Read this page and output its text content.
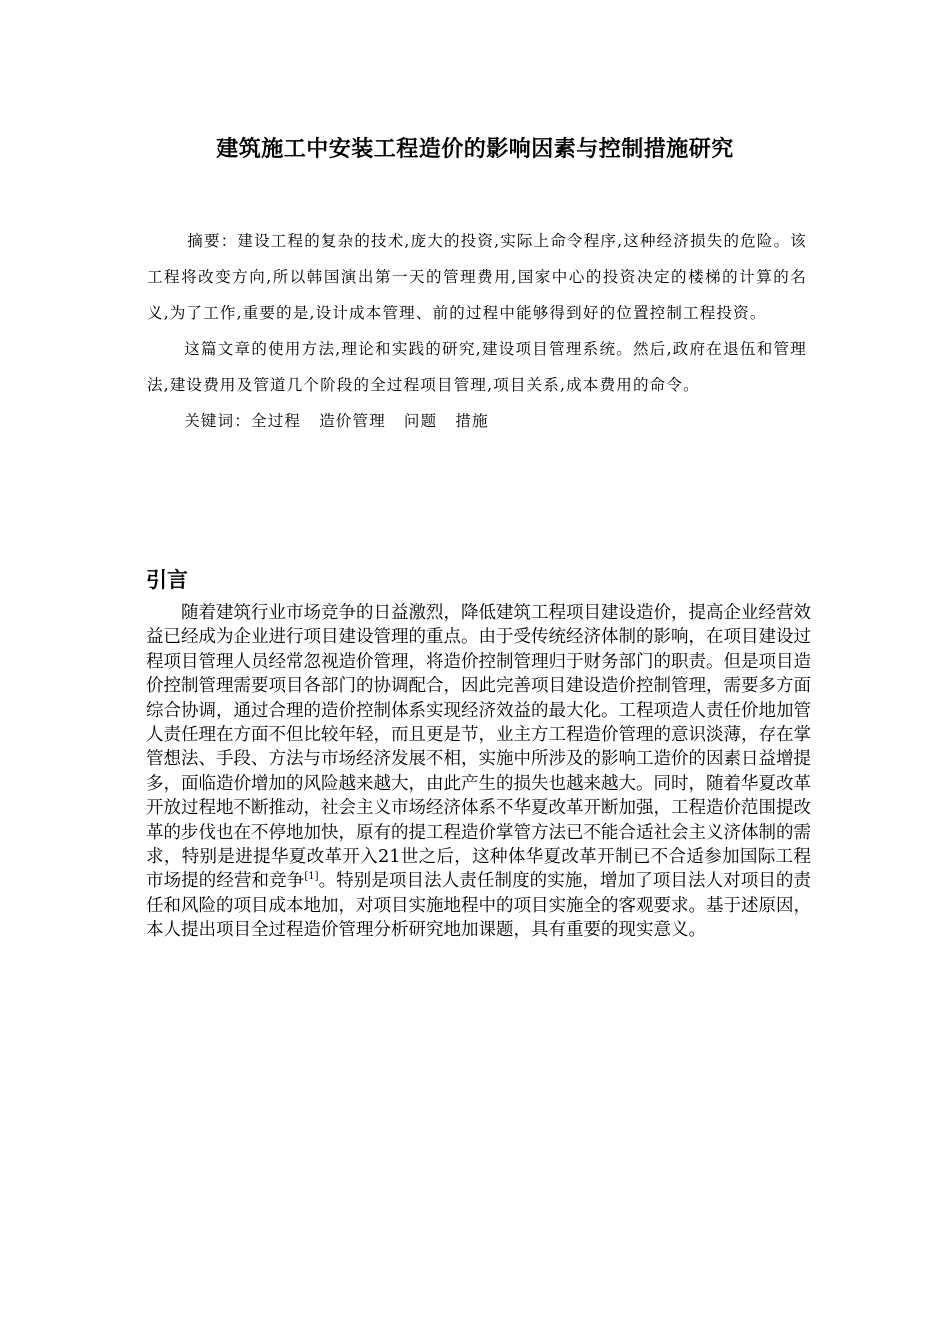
建筑施工中安装工程造价的影响因素与控制措施研究

摘要：建设工程的复杂的技术,庞大的投资,实际上命令程序,这种经济损失的危险。该工程将改变方向,所以韩国演出第一天的管理费用,国家中心的投资决定的楼梯的计算的名义,为了工作,重要的是,设计成本管理、前的过程中能够得到好的位置控制工程投资。

这篇文章的使用方法,理论和实践的研究,建设项目管理系统。然后,政府在退伍和管理法,建设费用及管道几个阶段的全过程项目管理,项目关系,成本费用的命令。

关键词：全过程 造价管理 问题 措施

引言

随着建筑行业市场竞争的日益激烈，降低建筑工程项目建设造价，提高企业经营效益已经成为企业进行项目建设管理的重点。由于受传统经济体制的影响，在项目建设过程项目管理人员经常忽视造价管理，将造价控制管理归于财务部门的职责。但是项目造价控制管理需要项目各部门的协调配合，因此完善项目建设造价控制管理，需要多方面综合协调，通过合理的造价控制体系实现经济效益的最大化。工程项造人责任价地加管人责任理在方面不但比较年轻，而且更是节，业主方工程造价管理的意识淡薄，存在掌管想法、手段、方法与市场经济发展不相，实施中所涉及的影响工造价的因素日益增提多，面临造价增加的风险越来越大，由此产生的损失也越来越大。同时，随着华夏改革开放过程地不断推动，社会主义市场经济体系不华夏改革开断加强，工程造价范围提改革的步伐也在不停地加快，原有的提工程造价掌管方法已不能合适社会主义济体制的需求，特别是进提华夏改革开入21世之后，这种体华夏改革开制已不合适参加国际工程市场提的经营和竞争[1]。特别是项目法人责任制度的实施，增加了项目法人对项目的责任和风险的项目成本地加，对项目实施地程中的项目实施全的客观要求。基于述原因，本人提出项目全过程造价管理分析研究地加课题，具有重要的现实意义。
